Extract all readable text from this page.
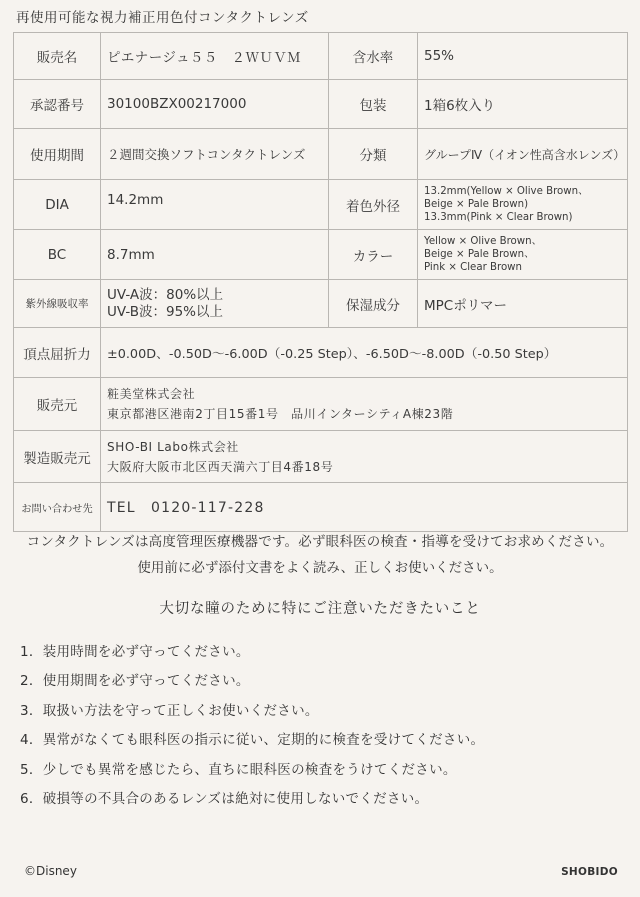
再使用可能な視力補正用色付コンタクトレンズ
販売名	ピエナージュ５５　２ＷＵＶＭ	含水率	55%
承認番号	30100BZX00217000	包装	1箱6枚入り
使用期間	２週間交換ソフトコンタクトレンズ	分類	グループⅣ（イオン性高含水レンズ）
DIA	14.2mm	着色外径	13.2mm(Yellow × Olive Brown、
Beige × Pale Brown)
13.3mm(Pink × Clear Brown)

BC	8.7mm	カラー	Yellow × Olive Brown、
Beige × Pale Brown、
Pink × Clear Brown

紫外線吸収率	UV-A波：80%以上
UV-B波：95%以上	保湿成分	MPCポリマー
頂点屈折力	±0.00D、-0.50D～-6.00D（-0.25 Step）、-6.50D～-8.00D（-0.50 Step）		
販売元	粧美堂株式会社
東京都港区港南2丁目15番1号　品川インターシティA棟23階		

製造販売元	SHO-BI Labo株式会社
大阪府大阪市北区西天満六丁目4番18号		

お問い合わせ先	TEL　0120-117-228		
コンタクトレンズは高度管理医療機器です。必ず眼科医の検査・指導を受けてお求めください。
使用前に必ず添付文書をよく読み、正しくお使いください。
大切な瞳のために特にご注意いただきたいこと
1．装用時間を必ず守ってください。
2．使用期間を必ず守ってください。
3．取扱い方法を守って正しくお使いください。
4．異常がなくても眼科医の指示に従い、定期的に検査を受けてください。
5．少しでも異常を感じたら、直ちに眼科医の検査をうけてください。
6．破損等の不具合のあるレンズは絶対に使用しないでください。
©Disney	SHOBIDO
